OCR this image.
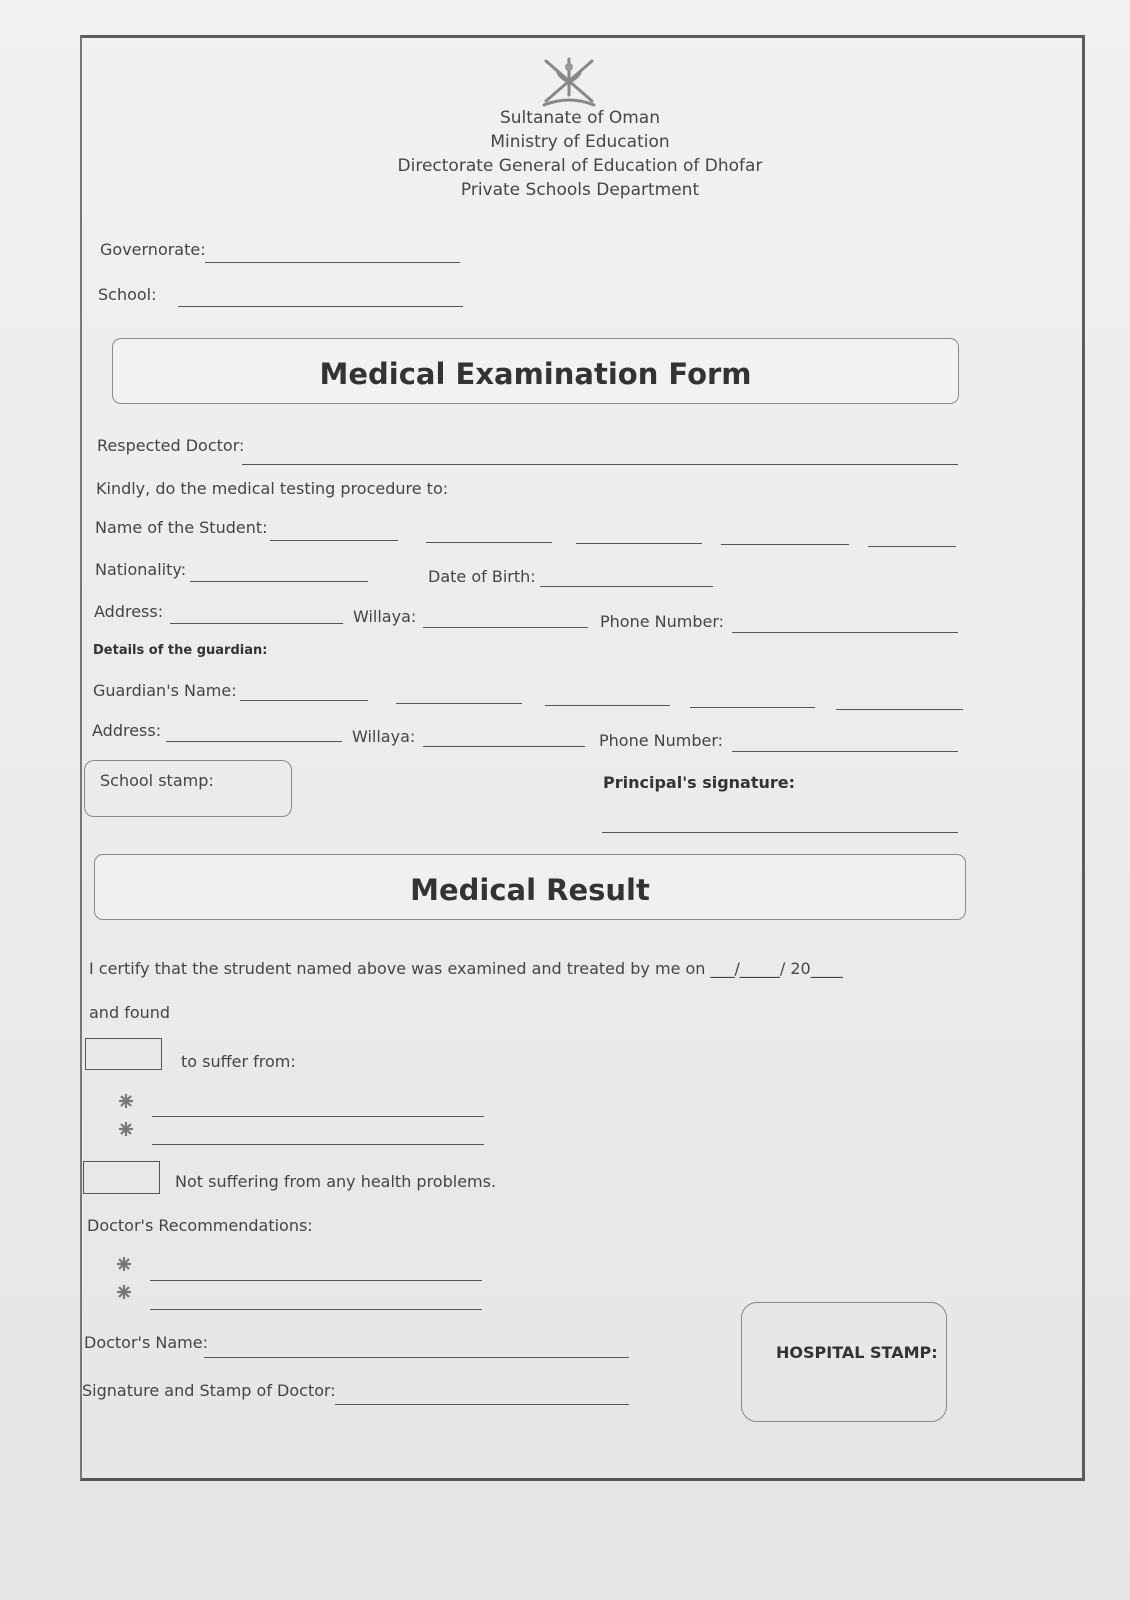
Sultanate of Oman
Ministry of Education
Directorate General of Education of Dhofar
Private Schools Department
Governorate:
School:
Medical Examination Form
Respected Doctor:
Kindly, do the medical testing procedure to:
Name of the Student:
Nationality:	Date of Birth:
Address:	Willaya:	Phone Number:
Details of the guardian:
Guardian's Name:
Address:	Willaya:	Phone Number:
School stamp:	Principal's signature:
Medical Result
I certify that the strudent named above was examined and treated by me on ___/_____/ 20____
and found
to suffer from:
Not suffering from any health problems.
Doctor's Recommendations:
Doctor's Name:
Signature and Stamp of Doctor:
HOSPITAL STAMP:
